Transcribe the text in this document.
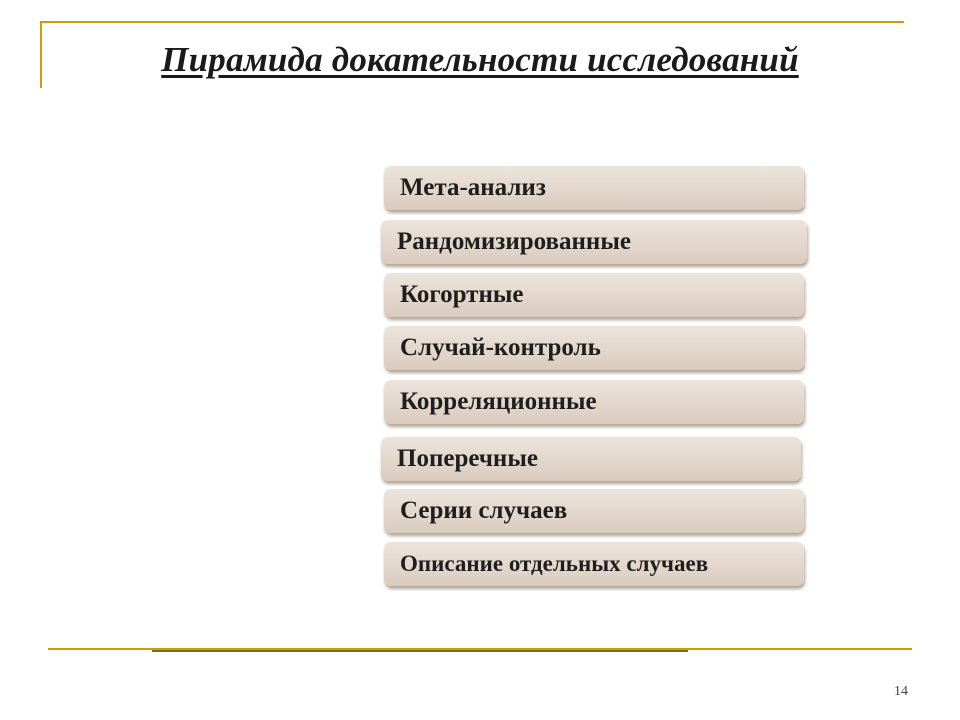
Пирамида докательности исследований
Мета-анализ
Рандомизированные
Когортные
Случай-контроль
Корреляционные
Поперечные
Серии случаев
Описание отдельных случаев
14
